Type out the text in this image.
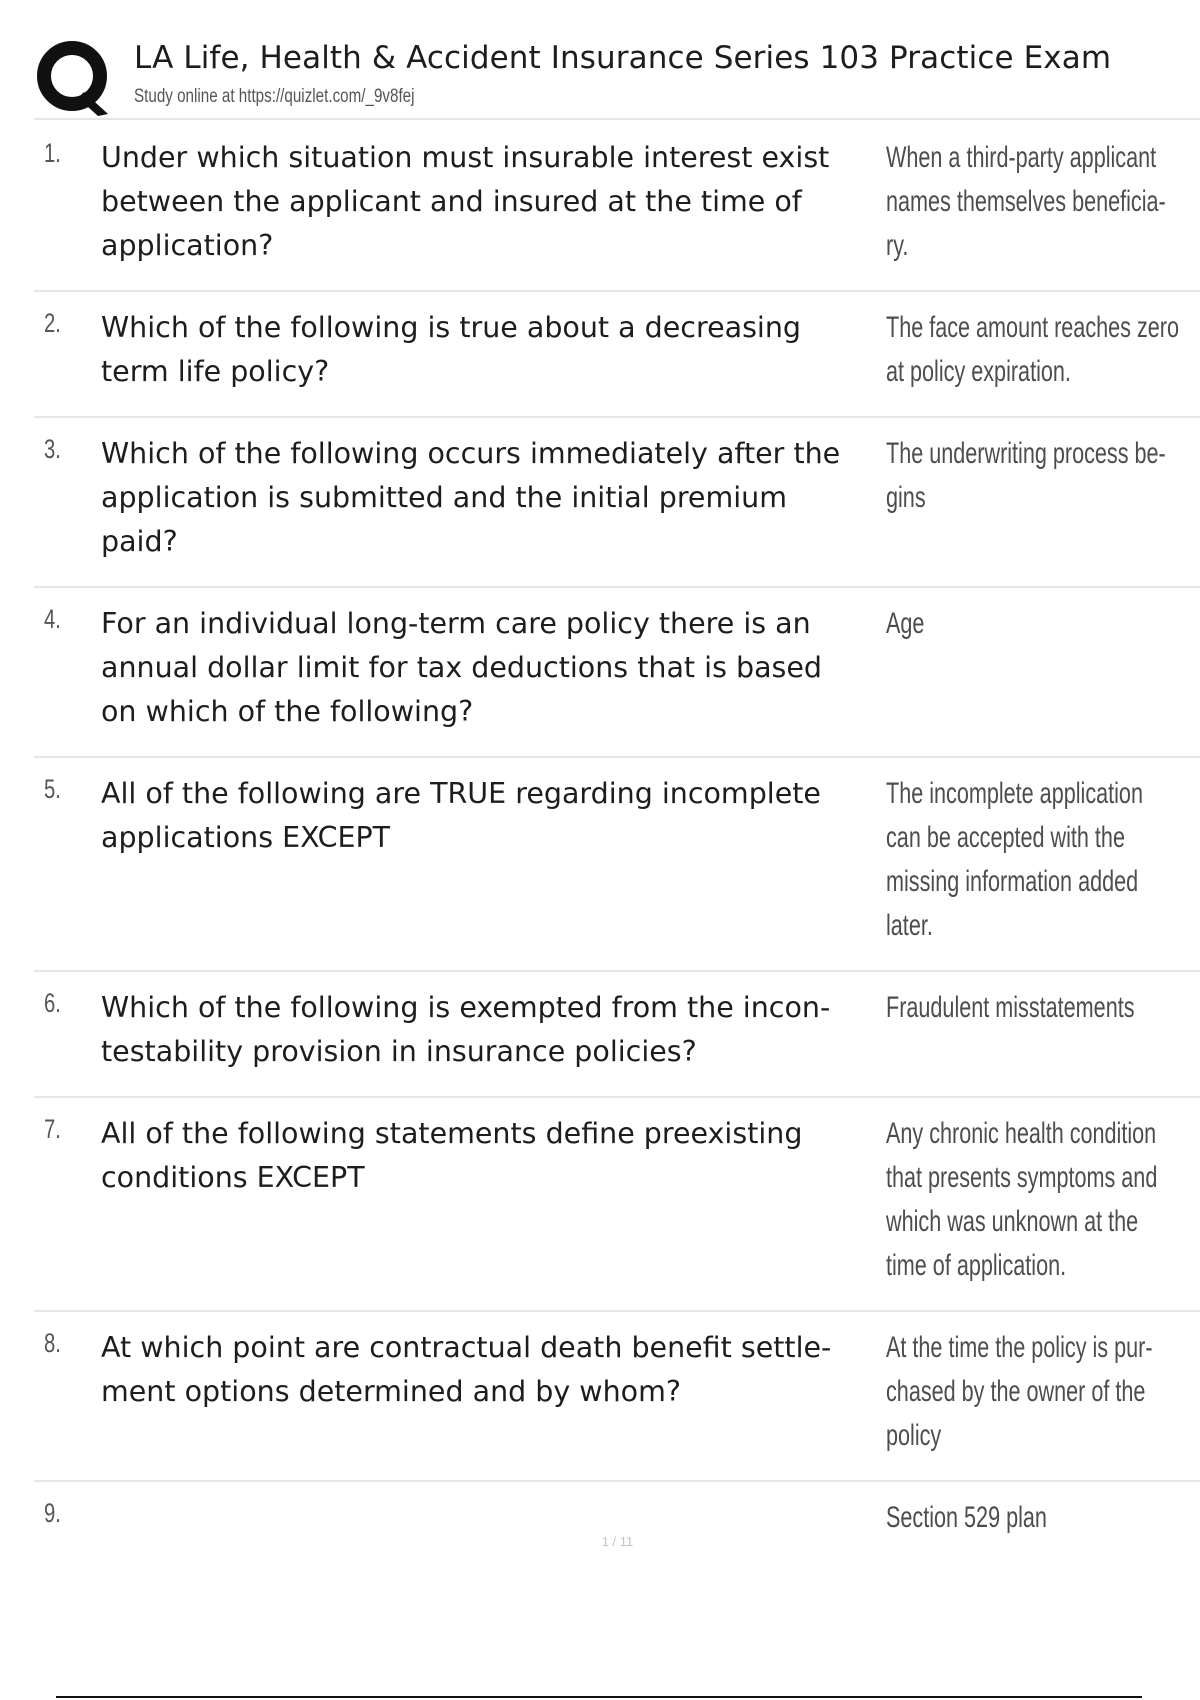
LA Life, Health & Accident Insurance Series 103 Practice Exam
Study online at https://quizlet.com/_9v8fej
1. Under which situation must insurable interest exist
between the applicant and insured at the time of
application?
When a third-party applicant
names themselves beneficia-
ry.
2. Which of the following is true about a decreasing
term life policy?
The face amount reaches zero
at policy expiration.
3. Which of the following occurs immediately after the
application is submitted and the initial premium
paid?
The underwriting process be-
gins
4. For an individual long-term care policy there is an
annual dollar limit for tax deductions that is based
on which of the following?
Age
5. All of the following are TRUE regarding incomplete
applications EXCEPT
The incomplete application
can be accepted with the
missing information added
later.
6. Which of the following is exempted from the incon-
testability provision in insurance policies?
Fraudulent misstatements
7. All of the following statements define preexisting
conditions EXCEPT
Any chronic health condition
that presents symptoms and
which was unknown at the
time of application.
8. At which point are contractual death benefit settle-
ment options determined and by whom?
At the time the policy is pur-
chased by the owner of the
policy
9.	Section 529 plan
1 / 11
